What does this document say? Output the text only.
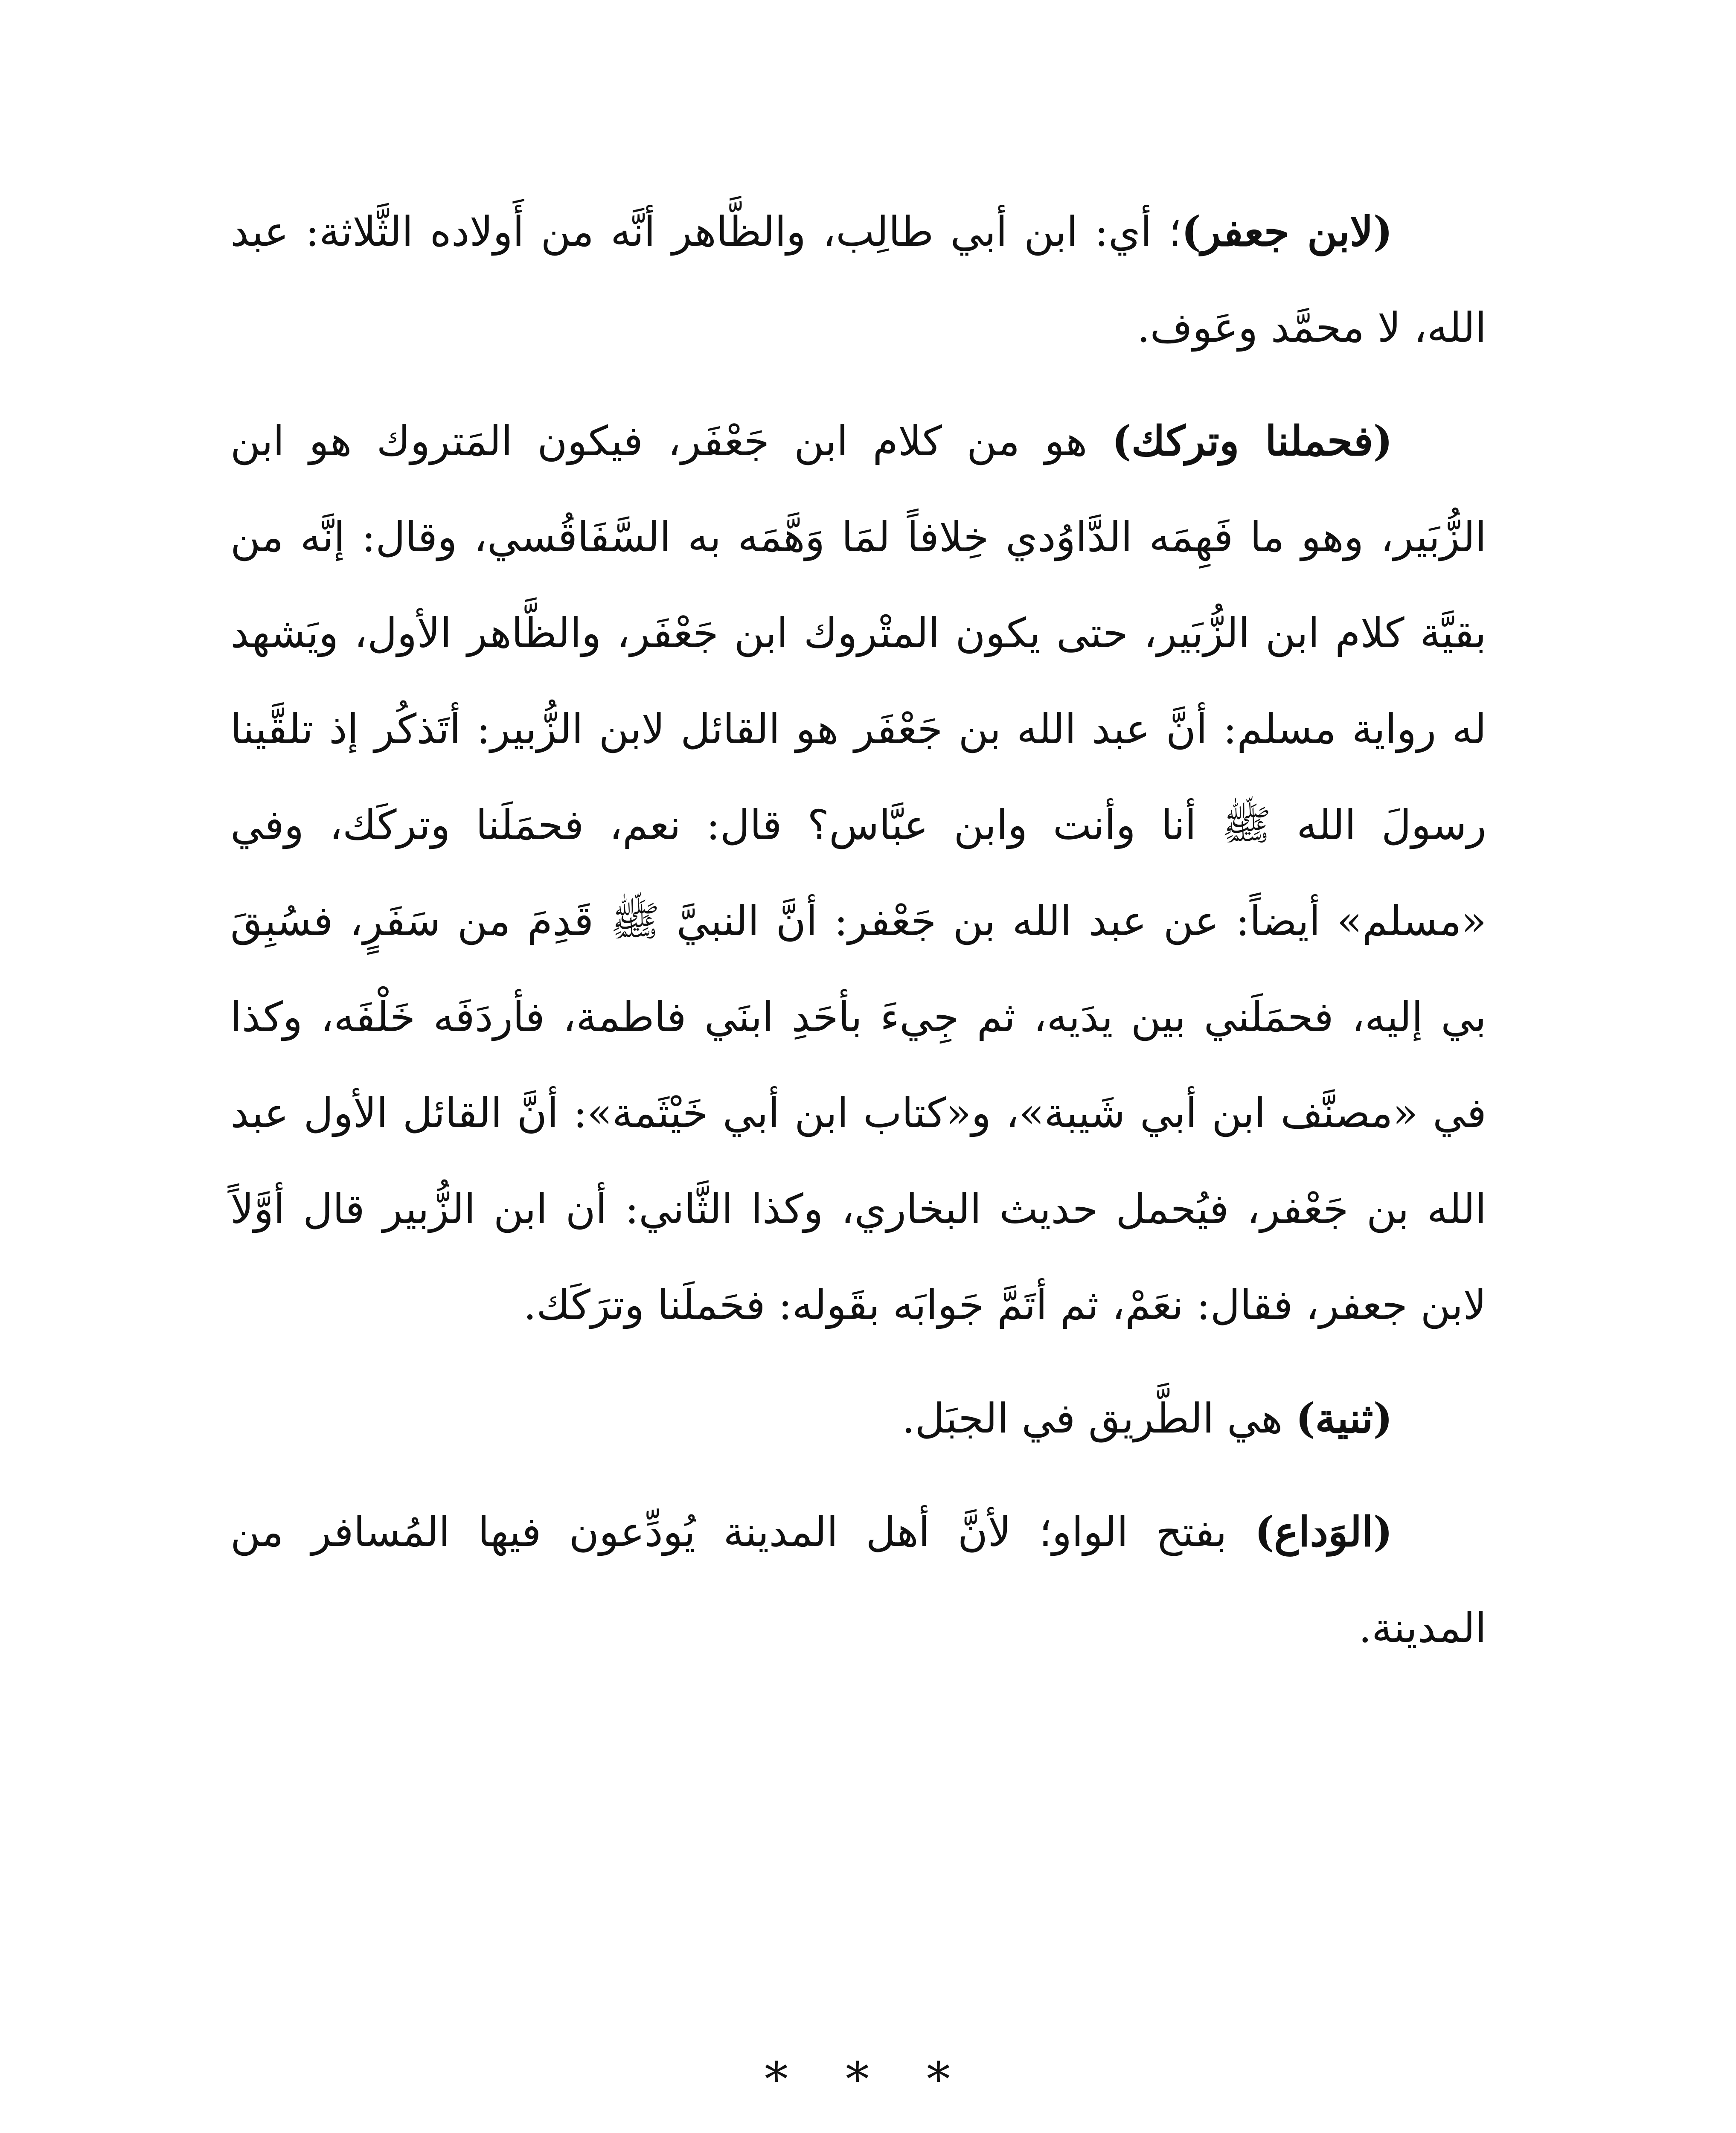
(لابن جعفر)؛ أي: ابن أبي طالِب، والظَّاهر أنَّه من أَولاده الثَّلاثة: عبد الله، لا محمَّد وعَوف.

(فحملنا وتركك) هو من كلام ابن جَعْفَر، فيكون المَتروك هو ابن الزُّبَير، وهو ما فَهِمَه الدَّاوُدي خِلافاً لمَا وَهَّمَه به السَّفَاقُسي، وقال: إنَّه من بقيَّة كلام ابن الزُّبَير، حتى يكون المتْروك ابن جَعْفَر، والظَّاهر الأول، ويَشهد له رواية مسلم: أنَّ عبد الله بن جَعْفَر هو القائل لابن الزُّبير: أتَذكُر إذ تلقَّينا رسولَ الله ﷺ أنا وأنت وابن عبَّاس؟ قال: نعم، فحمَلَنا وتركَك، وفي «مسلم» أيضاً: عن عبد الله بن جَعْفر: أنَّ النبيَّ ﷺ قَدِمَ من سَفَرٍ، فسُبِقَ بي إليه، فحمَلَني بين يدَيه، ثم جِيءَ بأحَدِ ابنَي فاطمة، فأردَفَه خَلْفَه، وكذا في «مصنَّف ابن أبي شَيبة»، و«كتاب ابن أبي خَيْثَمة»: أنَّ القائل الأول عبد الله بن جَعْفر، فيُحمل حديث البخاري، وكذا الثَّاني: أن ابن الزُّبير قال أوَّلاً لابن جعفر، فقال: نعَمْ، ثم أتَمَّ جَوابَه بقَوله: فحَملَنا وترَكَك.

(ثنية) هي الطَّريق في الجبَل.

(الوَداع) بفتح الواو؛ لأنَّ أهل المدينة يُودِّعون فيها المُسافر من المدينة.

* * *
